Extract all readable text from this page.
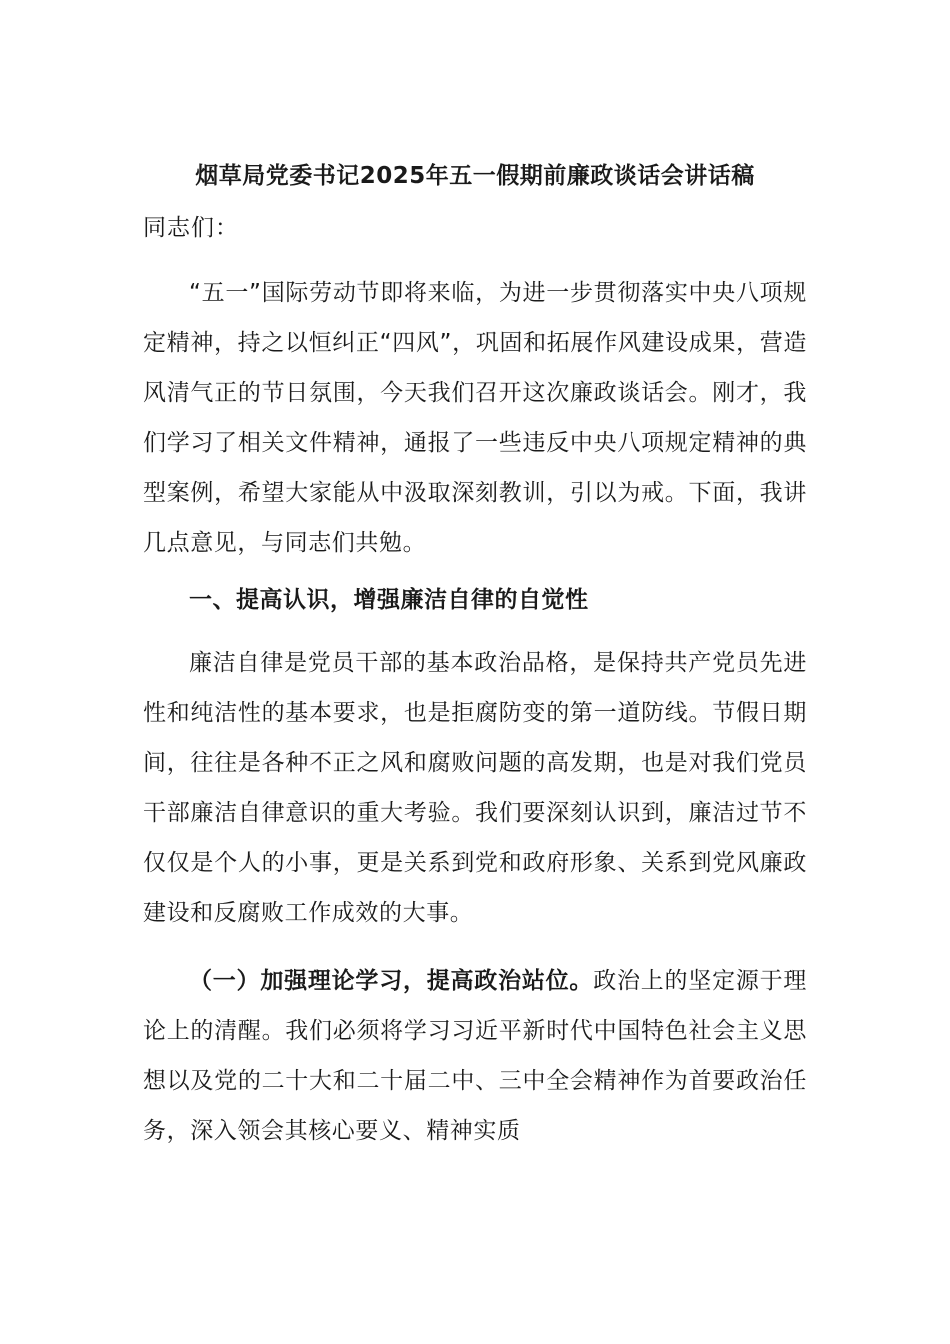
烟草局党委书记2025年五一假期前廉政谈话会讲话稿

同志们：

“五一”国际劳动节即将来临，为进一步贯彻落实中央八项规定精神，持之以恒纠正“四风”，巩固和拓展作风建设成果，营造风清气正的节日氛围，今天我们召开这次廉政谈话会。刚才，我们学习了相关文件精神，通报了一些违反中央八项规定精神的典型案例，希望大家能从中汲取深刻教训，引以为戒。下面，我讲几点意见，与同志们共勉。

一、提高认识，增强廉洁自律的自觉性

廉洁自律是党员干部的基本政治品格，是保持共产党员先进性和纯洁性的基本要求，也是拒腐防变的第一道防线。节假日期间，往往是各种不正之风和腐败问题的高发期，也是对我们党员干部廉洁自律意识的重大考验。我们要深刻认识到，廉洁过节不仅仅是个人的小事，更是关系到党和政府形象、关系到党风廉政建设和反腐败工作成效的大事。

（一）加强理论学习，提高政治站位。政治上的坚定源于理论上的清醒。我们必须将学习习近平新时代中国特色社会主义思想以及党的二十大和二十届二中、三中全会精神作为首要政治任务，深入领会其核心要义、精神实质
